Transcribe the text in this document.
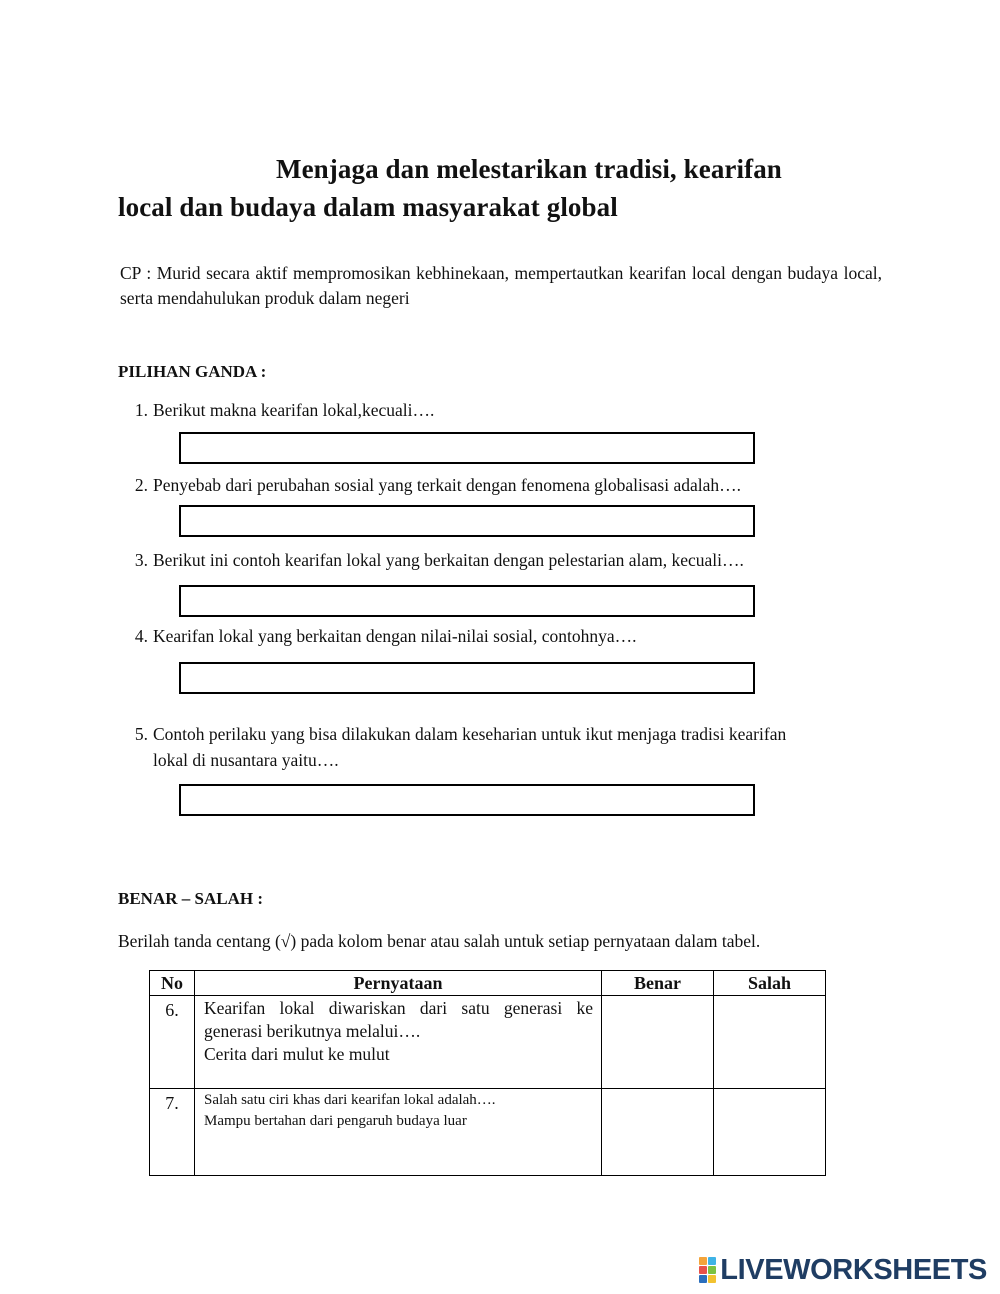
Menjaga dan melestarikan tradisi, kearifan
local dan budaya dalam masyarakat global
CP : Murid secara aktif mempromosikan kebhinekaan, mempertautkan kearifan local dengan budaya local, serta mendahulukan produk dalam negeri
PILIHAN GANDA :
1. Berikut makna kearifan lokal,kecuali….
2. Penyebab dari perubahan sosial yang terkait dengan fenomena globalisasi adalah….
3. Berikut ini contoh kearifan lokal yang berkaitan dengan pelestarian alam, kecuali….
4. Kearifan lokal yang berkaitan dengan nilai-nilai sosial, contohnya….
5. Contoh perilaku yang bisa dilakukan dalam keseharian untuk ikut menjaga tradisi kearifan
lokal di nusantara yaitu….
BENAR – SALAH :
Berilah tanda centang (√) pada kolom benar atau salah untuk setiap pernyataan dalam tabel.
No	Pernyataan	Benar	Salah
6.	Kearifan lokal diwariskan dari satu generasi ke generasi berikutnya melalui….
Cerita dari mulut ke mulut		

7.	Salah satu ciri khas dari kearifan lokal adalah….
Mampu bertahan dari pengaruh budaya luar		

LIVEWORKSHEETS
